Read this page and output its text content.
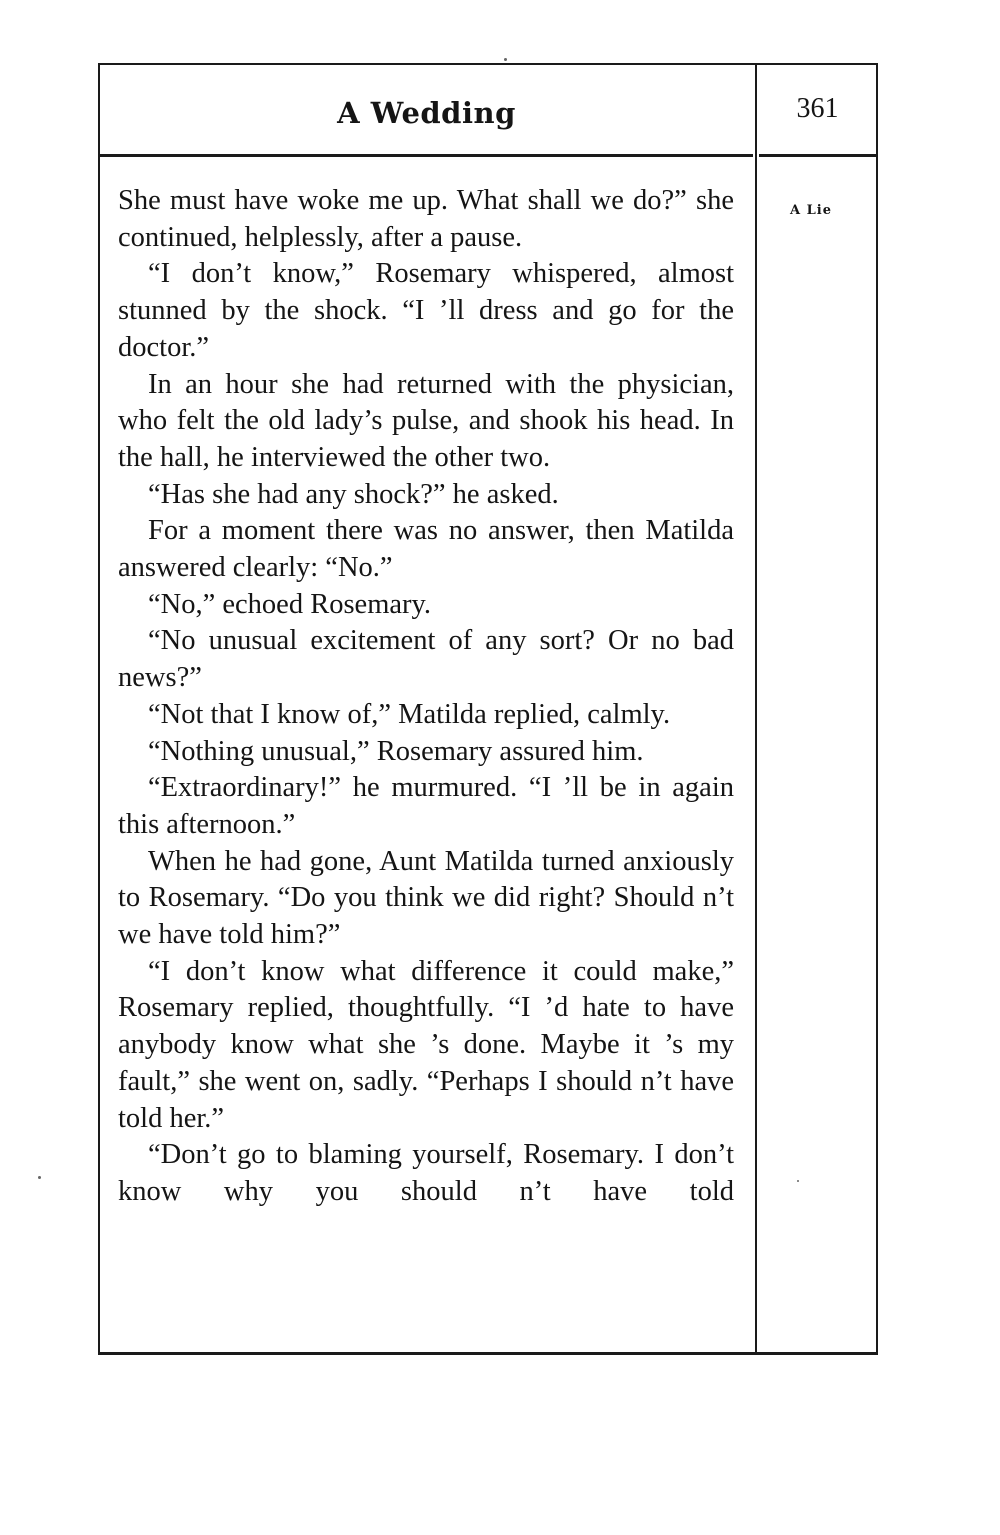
A Wedding	361
A Lie

She must have woke me up. What shall we do?” she continued, helplessly, after a pause.

“I don’t know,” Rosemary whispered, almost stunned by the shock. “I ’ll dress and go for the doctor.”

In an hour she had returned with the physician, who felt the old lady’s pulse, and shook his head. In the hall, he interviewed the other two.

“Has she had any shock?” he asked.

For a moment there was no answer, then Matilda answered clearly: “No.”

“No,” echoed Rosemary.

“No unusual excitement of any sort? Or no bad news?”

“Not that I know of,” Matilda replied, calmly.

“Nothing unusual,” Rosemary assured him.

“Extraordinary!” he murmured. “I ’ll be in again this afternoon.”

When he had gone, Aunt Matilda turned anxiously to Rosemary. “Do you think we did right? Should n’t we have told him?”

“I don’t know what difference it could make,” Rosemary replied, thoughtfully. “I ’d hate to have anybody know what she ’s done. Maybe it ’s my fault,” she went on, sadly. “Perhaps I should n’t have told her.”

“Don’t go to blaming yourself, Rosemary. I don’t know why you should n’t have told
